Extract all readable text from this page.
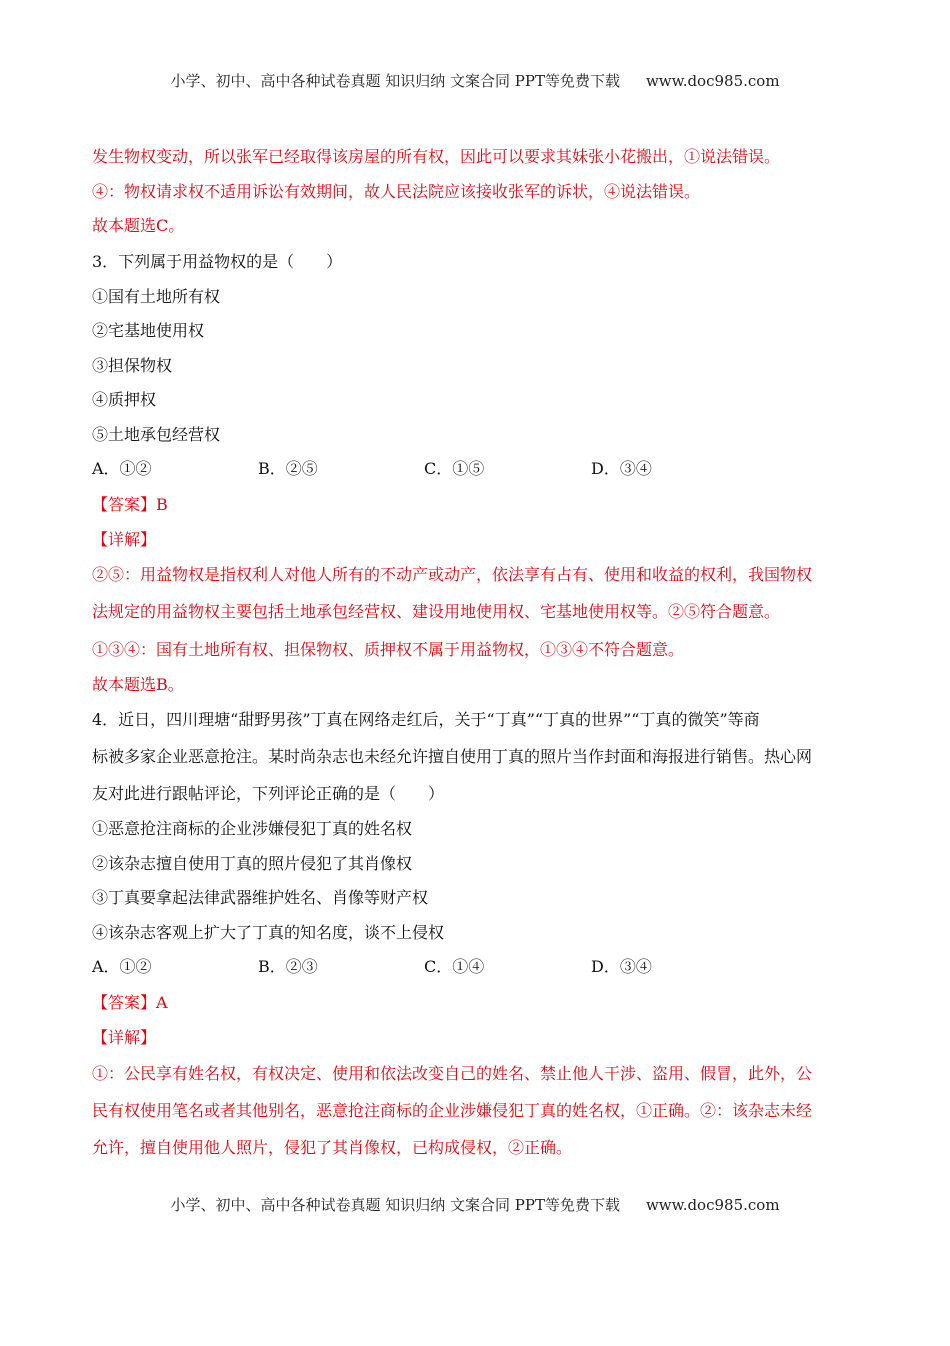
小学、初中、高中各种试卷真题 知识归纳 文案合同 PPT等免费下载 www.doc985.com
发生物权变动，所以张军已经取得该房屋的所有权，因此可以要求其妹张小花搬出，①说法错误。
④：物权请求权不适用诉讼有效期间，故人民法院应该接收张军的诉状，④说法错误。
故本题选C。
3．下列属于用益物权的是（　　）
①国有土地所有权
②宅基地使用权
③担保物权
④质押权
⑤土地承包经营权
A．①②	B．②⑤	C．①⑤	D．③④
【答案】B
【详解】
②⑤：用益物权是指权利人对他人所有的不动产或动产，依法享有占有、使用和收益的权利，我国物权
法规定的用益物权主要包括土地承包经营权、建设用地使用权、宅基地使用权等。②⑤符合题意。
①③④：国有土地所有权、担保物权、质押权不属于用益物权，①③④不符合题意。
故本题选B。
4．近日，四川理塘“甜野男孩”丁真在网络走红后，关于“丁真”“丁真的世界”“丁真的微笑”等商
标被多家企业恶意抢注。某时尚杂志也未经允许擅自使用丁真的照片当作封面和海报进行销售。热心网
友对此进行跟帖评论，下列评论正确的是（　　）
①恶意抢注商标的企业涉嫌侵犯丁真的姓名权
②该杂志擅自使用丁真的照片侵犯了其肖像权
③丁真要拿起法律武器维护姓名、肖像等财产权
④该杂志客观上扩大了丁真的知名度，谈不上侵权
A．①②	B．②③	C．①④	D．③④
【答案】A
【详解】
①：公民享有姓名权，有权决定、使用和依法改变自己的姓名、禁止他人干涉、盗用、假冒，此外，公
民有权使用笔名或者其他别名，恶意抢注商标的企业涉嫌侵犯丁真的姓名权，①正确。②：该杂志未经
允许，擅自使用他人照片，侵犯了其肖像权，已构成侵权，②正确。
小学、初中、高中各种试卷真题 知识归纳 文案合同 PPT等免费下载 www.doc985.com
